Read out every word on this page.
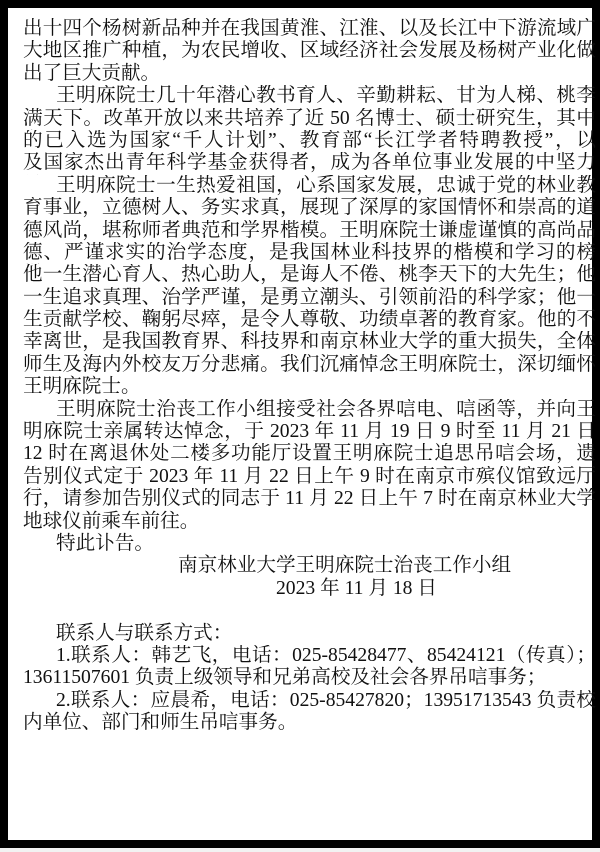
出十四个杨树新品种并在我国黄淮、江淮、以及长江中下游流域广
大地区推广种植，为农民增收、区域经济社会发展及杨树产业化做
出了巨大贡献。
王明庥院士几十年潜心教书育人、辛勤耕耘、甘为人梯、桃李
满天下。改革开放以来共培养了近 50 名博士、硕士研究生，其中
的已入选为国家“千人计划”、教育部“长江学者特聘教授”，以
及国家杰出青年科学基金获得者，成为各单位事业发展的中坚力
王明庥院士一生热爱祖国，心系国家发展，忠诚于党的林业教
育事业，立德树人、务实求真，展现了深厚的家国情怀和崇高的道
德风尚，堪称师者典范和学界楷模。王明庥院士谦虚谨慎的高尚品
德、严谨求实的治学态度，是我国林业科技界的楷模和学习的榜
他一生潜心育人、热心助人，是诲人不倦、桃李天下的大先生；他
一生追求真理、治学严谨，是勇立潮头、引领前沿的科学家；他一
生贡献学校、鞠躬尽瘁，是令人尊敬、功绩卓著的教育家。他的不
幸离世，是我国教育界、科技界和南京林业大学的重大损失，全体
师生及海内外校友万分悲痛。我们沉痛悼念王明庥院士，深切缅怀
王明庥院士。
王明庥院士治丧工作小组接受社会各界唁电、唁函等，并向王
明庥院士亲属转达悼念，于 2023 年 11 月 19 日 9 时至 11 月 21 日
12 时在离退休处二楼多功能厅设置王明庥院士追思吊唁会场，遗
告别仪式定于 2023 年 11 月 22 日上午 9 时在南京市殡仪馆致远厅
行，请参加告别仪式的同志于 11 月 22 日上午 7 时在南京林业大学
地球仪前乘车前往。
特此讣告。
南京林业大学王明庥院士治丧工作小组
2023 年 11 月 18 日
联系人与联系方式：
1.联系人：韩艺飞，电话：025-85428477、85424121（传真）；
13611507601 负责上级领导和兄弟高校及社会各界吊唁事务；
2.联系人：应晨希，电话：025-85427820；13951713543 负责校
内单位、部门和师生吊唁事务。
